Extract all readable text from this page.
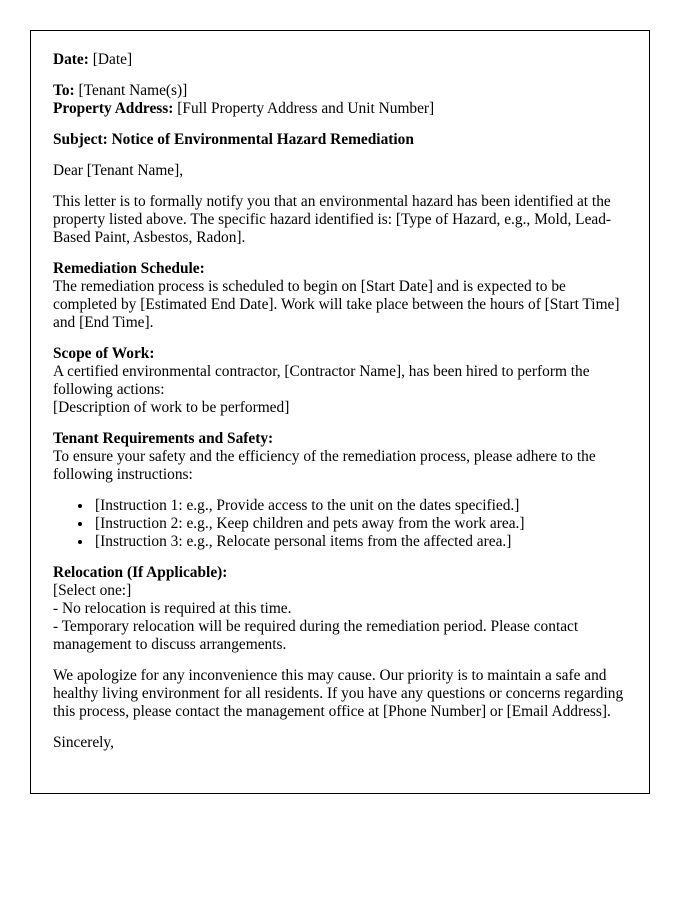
Date: [Date]

To: [Tenant Name(s)]

Property Address: [Full Property Address and Unit Number]

Subject: Notice of Environmental Hazard Remediation

Dear [Tenant Name],

This letter is to formally notify you that an environmental hazard has been identified at the property listed above. The specific hazard identified is: [Type of Hazard, e.g., Mold, Lead-Based Paint, Asbestos, Radon].

Remediation Schedule:

The remediation process is scheduled to begin on [Start Date] and is expected to be completed by [Estimated End Date]. Work will take place between the hours of [Start Time] and [End Time].

Scope of Work:

A certified environmental contractor, [Contractor Name], has been hired to perform the following actions:

[Description of work to be performed]

Tenant Requirements and Safety:

To ensure your safety and the efficiency of the remediation process, please adhere to the following instructions:

• [Instruction 1: e.g., Provide access to the unit on the dates specified.]
• [Instruction 2: e.g., Keep children and pets away from the work area.]
• [Instruction 3: e.g., Relocate personal items from the affected area.]

Relocation (If Applicable):

[Select one:]

- No relocation is required at this time.

- Temporary relocation will be required during the remediation period. Please contact management to discuss arrangements.

We apologize for any inconvenience this may cause. Our priority is to maintain a safe and healthy living environment for all residents. If you have any questions or concerns regarding this process, please contact the management office at [Phone Number] or [Email Address].

Sincerely,
